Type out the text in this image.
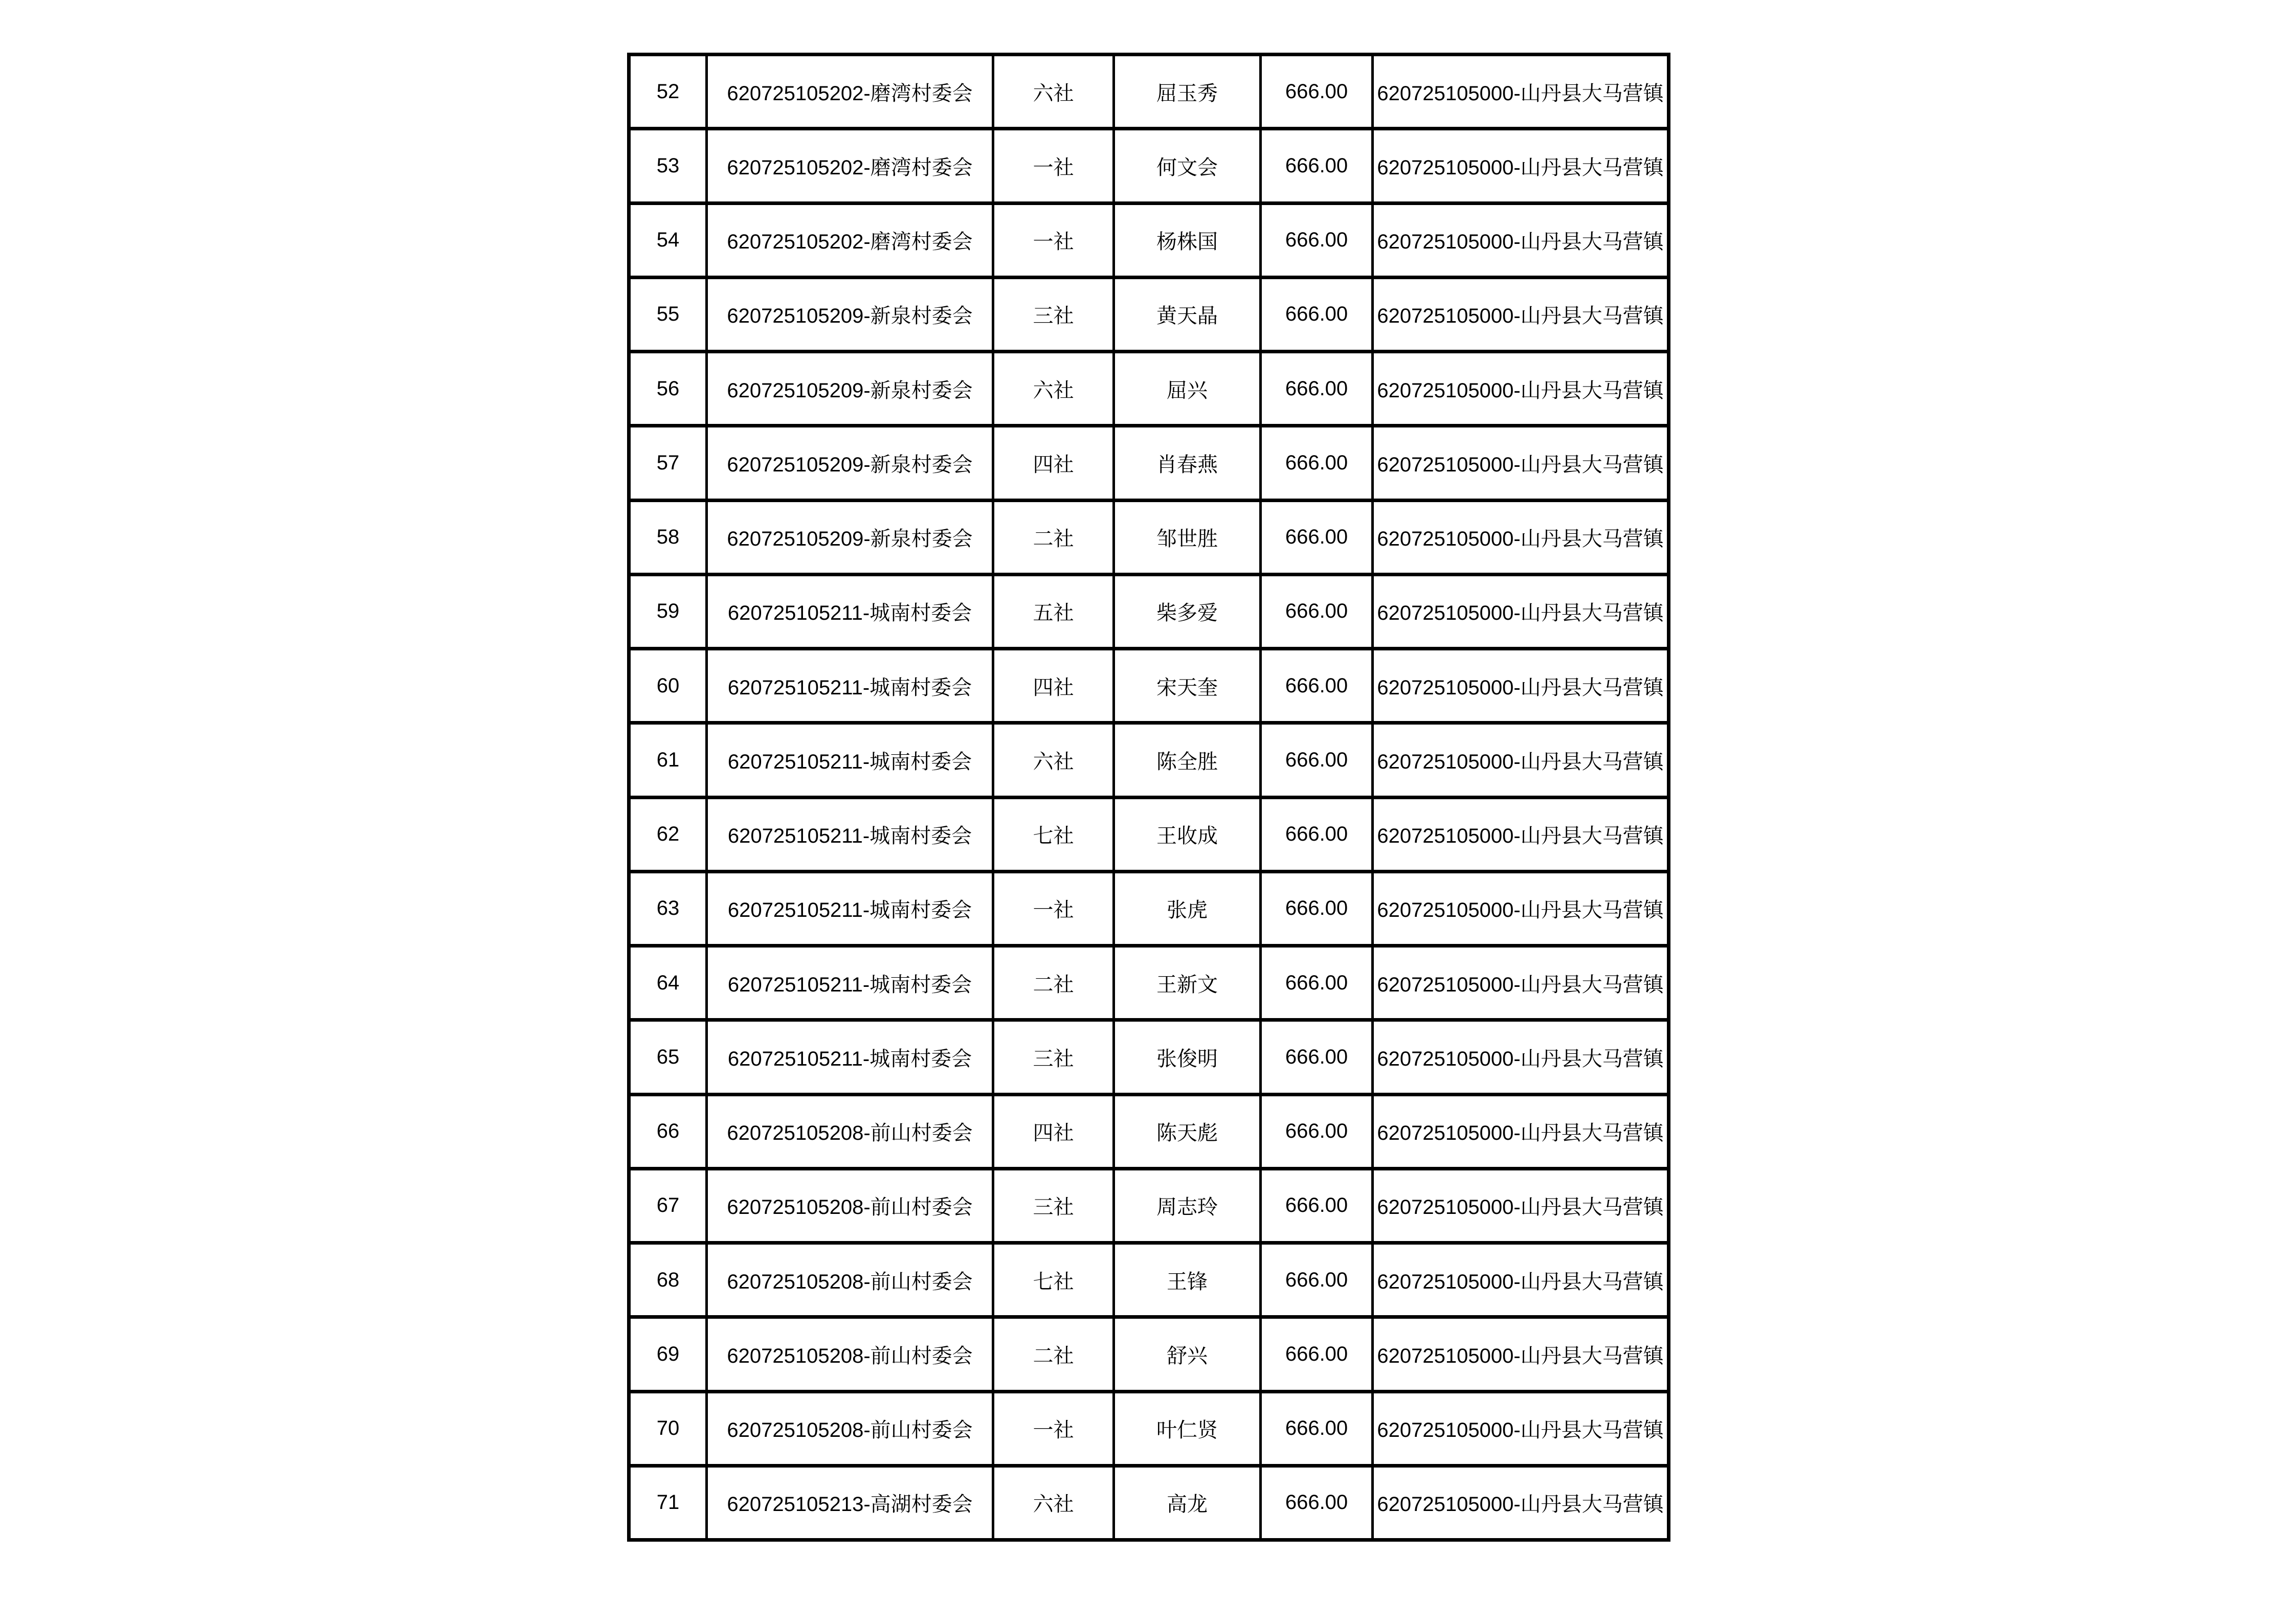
52	620725105202-磨湾村委会	六社	屈玉秀	666.00	620725105000-山丹县大马营镇
53	620725105202-磨湾村委会	一社	何文会	666.00	620725105000-山丹县大马营镇
54	620725105202-磨湾村委会	一社	杨株国	666.00	620725105000-山丹县大马营镇
55	620725105209-新泉村委会	三社	黄天晶	666.00	620725105000-山丹县大马营镇
56	620725105209-新泉村委会	六社	屈兴	666.00	620725105000-山丹县大马营镇
57	620725105209-新泉村委会	四社	肖春燕	666.00	620725105000-山丹县大马营镇
58	620725105209-新泉村委会	二社	邹世胜	666.00	620725105000-山丹县大马营镇
59	620725105211-城南村委会	五社	柴多爱	666.00	620725105000-山丹县大马营镇
60	620725105211-城南村委会	四社	宋天奎	666.00	620725105000-山丹县大马营镇
61	620725105211-城南村委会	六社	陈全胜	666.00	620725105000-山丹县大马营镇
62	620725105211-城南村委会	七社	王收成	666.00	620725105000-山丹县大马营镇
63	620725105211-城南村委会	一社	张虎	666.00	620725105000-山丹县大马营镇
64	620725105211-城南村委会	二社	王新文	666.00	620725105000-山丹县大马营镇
65	620725105211-城南村委会	三社	张俊明	666.00	620725105000-山丹县大马营镇
66	620725105208-前山村委会	四社	陈天彪	666.00	620725105000-山丹县大马营镇
67	620725105208-前山村委会	三社	周志玲	666.00	620725105000-山丹县大马营镇
68	620725105208-前山村委会	七社	王锋	666.00	620725105000-山丹县大马营镇
69	620725105208-前山村委会	二社	舒兴	666.00	620725105000-山丹县大马营镇
70	620725105208-前山村委会	一社	叶仁贤	666.00	620725105000-山丹县大马营镇
71	620725105213-高湖村委会	六社	高龙	666.00	620725105000-山丹县大马营镇
